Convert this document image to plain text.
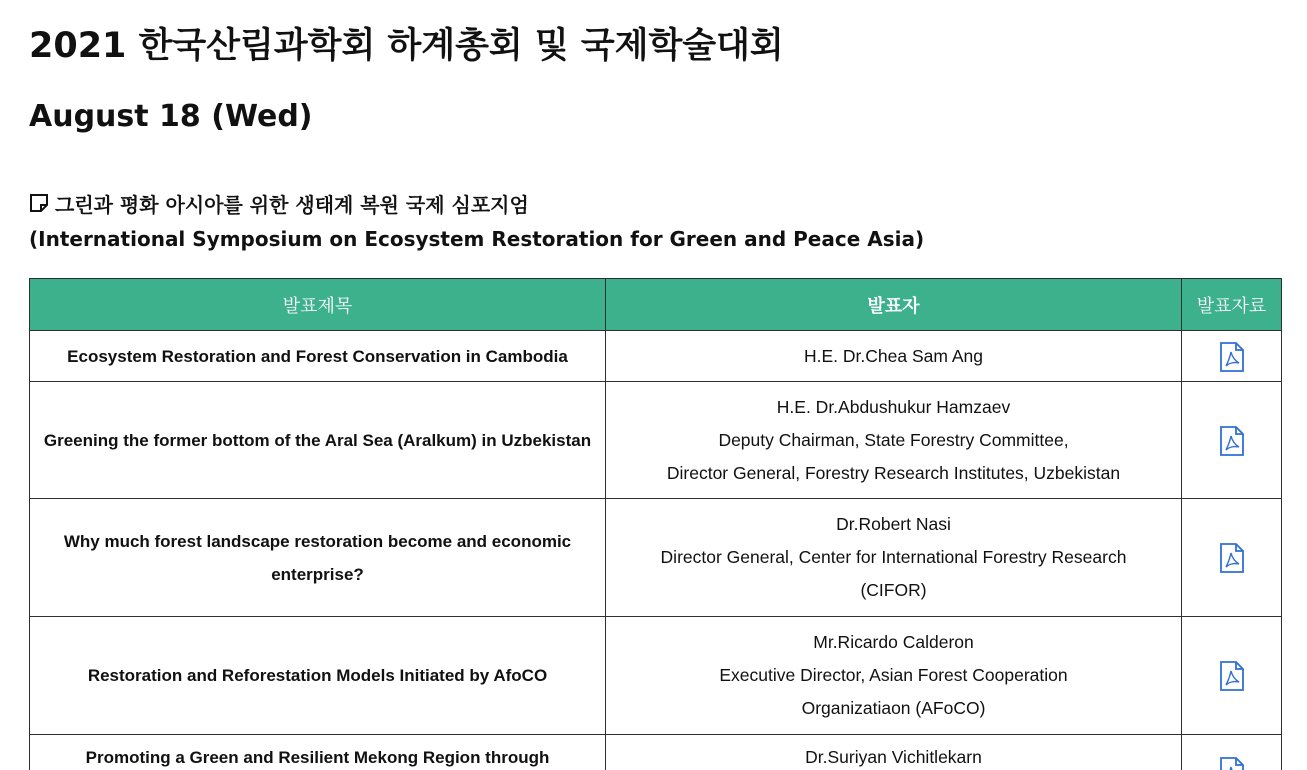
2021 한국산림과학회 하계총회 및 국제학술대회
August 18 (Wed)
그린과 평화 아시아를 위한 생태계 복원 국제 심포지엄
(International Symposium on Ecosystem Restoration for Green and Peace Asia)
발표제목	발표자	발표자료
Ecosystem Restoration and Forest Conservation in Cambodia	H.E. Dr.Chea Sam Ang

Greening the former bottom of the Aral Sea (Aralkum) in Uzbekistan	H.E. Dr.Abdushukur Hamzaev
Deputy Chairman, State Forestry Committee,
Director General, Forestry Research Institutes, Uzbekistan

Why much forest landscape restoration become and economic enterprise?	Dr.Robert Nasi
Director General, Center for International Forestry Research
(CIFOR)

Restoration and Reforestation Models Initiated by AfoCO	Mr.Ricardo Calderon
Executive Director, Asian Forest Cooperation
Organizatiaon (AFoCO)

Promoting a Green and Resilient Mekong Region through	Dr.Suriyan Vichitlekarn
